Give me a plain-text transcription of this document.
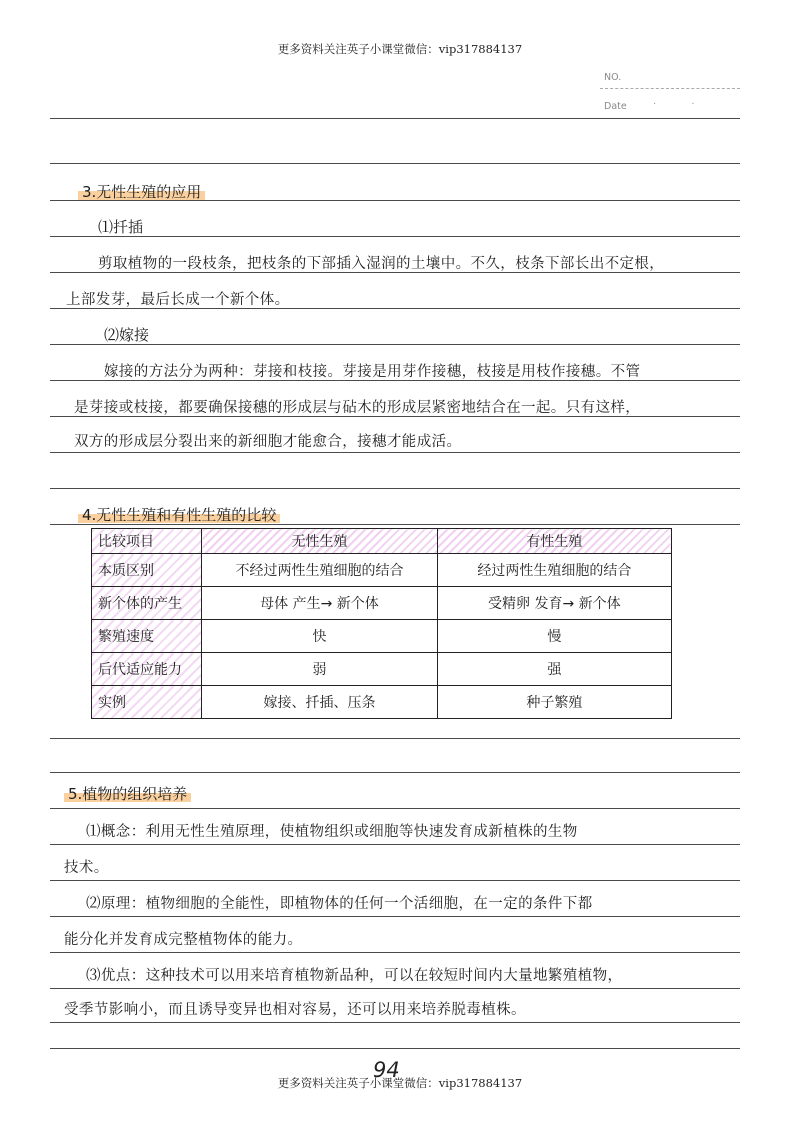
更多资料关注英子小课堂微信：vip317884137
NO.
Date	· ·
3.无性生殖的应用
⑴扦插
剪取植物的一段枝条，把枝条的下部插入湿润的土壤中。不久，枝条下部长出不定根，
上部发芽，最后长成一个新个体。
⑵嫁接
嫁接的方法分为两种：芽接和枝接。芽接是用芽作接穗，枝接是用枝作接穗。不管
是芽接或枝接，都要确保接穗的形成层与砧木的形成层紧密地结合在一起。只有这样，
双方的形成层分裂出来的新细胞才能愈合，接穗才能成活。
4.无性生殖和有性生殖的比较
比较项目	无性生殖	有性生殖
本质区别	不经过两性生殖细胞的结合	经过两性生殖细胞的结合
新个体的产生	母体 产生→ 新个体	受精卵 发育→ 新个体
繁殖速度	快	慢
后代适应能力	弱	强
实例	嫁接、扦插、压条	种子繁殖
5.植物的组织培养
⑴概念：利用无性生殖原理，使植物组织或细胞等快速发育成新植株的生物
技术。
⑵原理：植物细胞的全能性，即植物体的任何一个活细胞，在一定的条件下都
能分化并发育成完整植物体的能力。
⑶优点：这种技术可以用来培育植物新品种，可以在较短时间内大量地繁殖植物，
受季节影响小，而且诱导变异也相对容易，还可以用来培养脱毒植株。
94
更多资料关注英子小课堂微信：vip317884137
